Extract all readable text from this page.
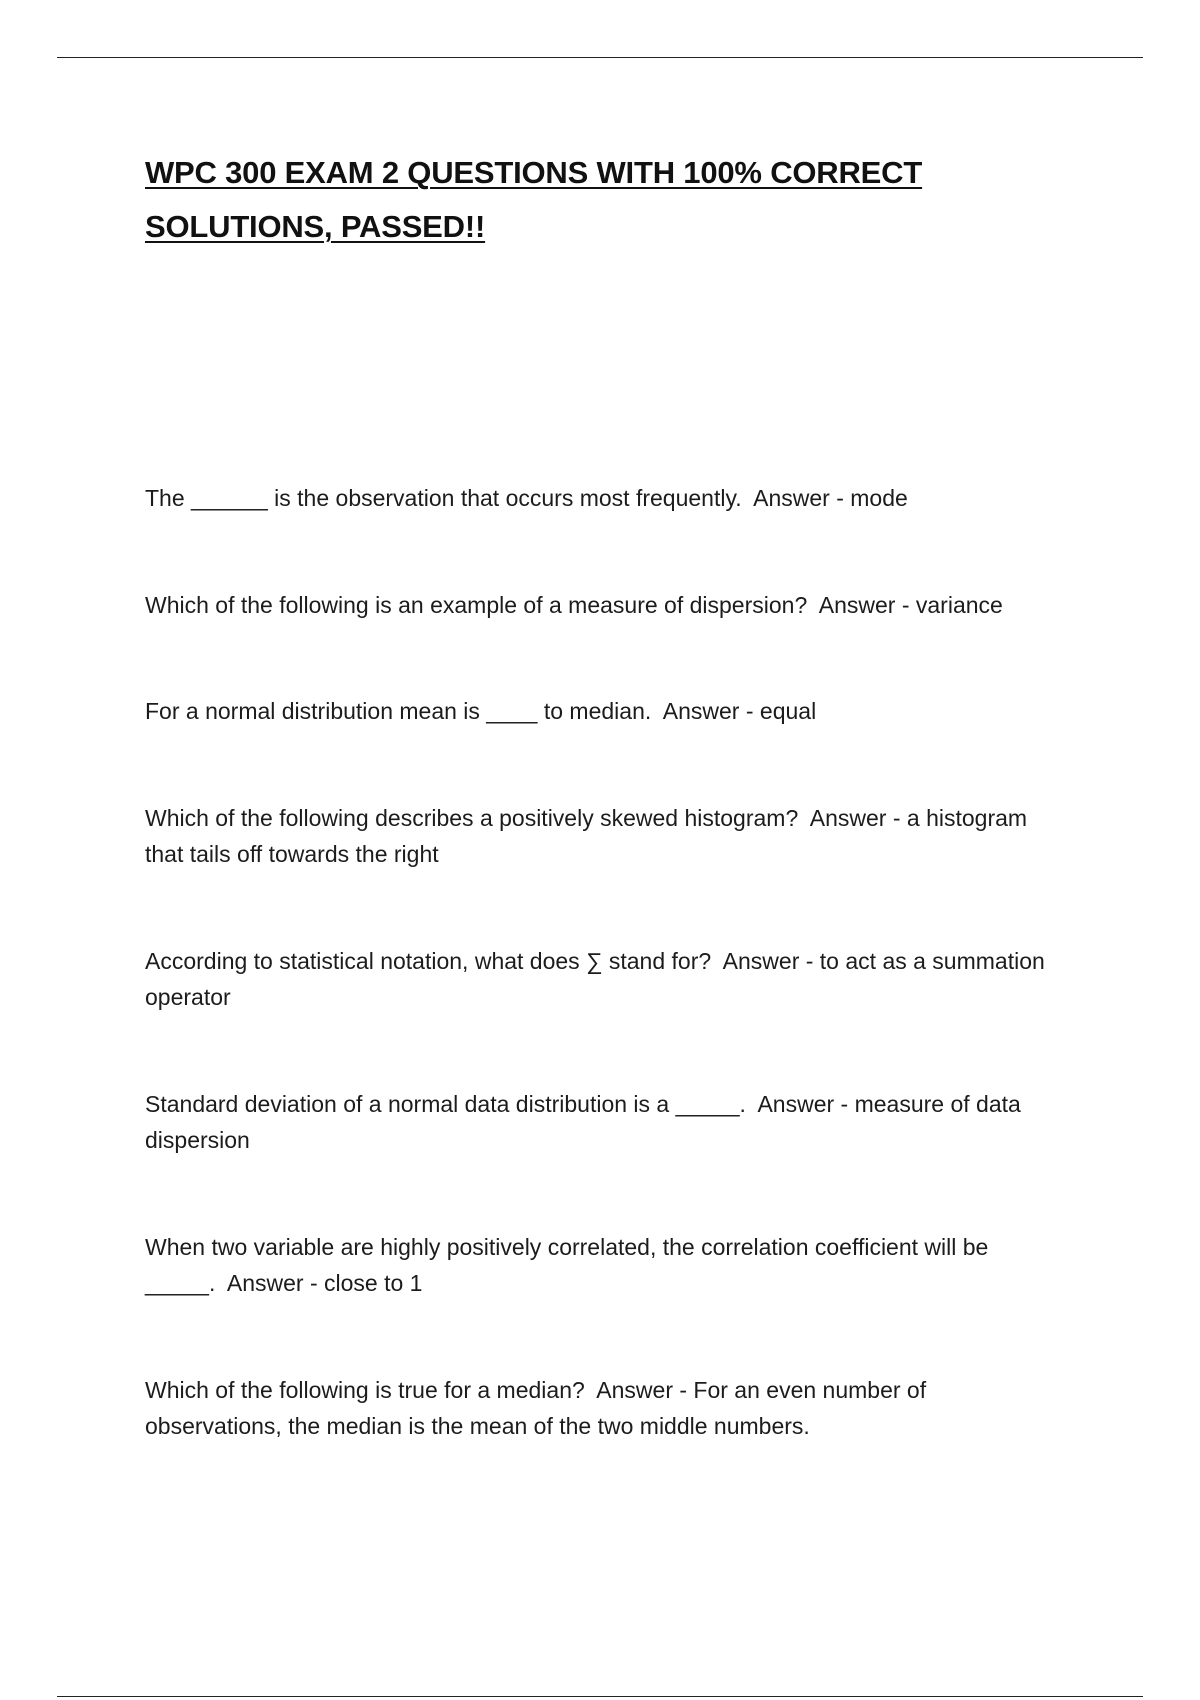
WPC 300 EXAM 2 QUESTIONS WITH 100% CORRECT SOLUTIONS, PASSED!!
The ______ is the observation that occurs most frequently.  Answer - mode
Which of the following is an example of a measure of dispersion?  Answer - variance
For a normal distribution mean is ____ to median.  Answer - equal
Which of the following describes a positively skewed histogram?  Answer - a histogram that tails off towards the right
According to statistical notation, what does ∑ stand for?  Answer - to act as a summation operator
Standard deviation of a normal data distribution is a _____.  Answer - measure of data dispersion
When two variable are highly positively correlated, the correlation coefficient will be _____.  Answer - close to 1
Which of the following is true for a median?  Answer - For an even number of observations, the median is the mean of the two middle numbers.
